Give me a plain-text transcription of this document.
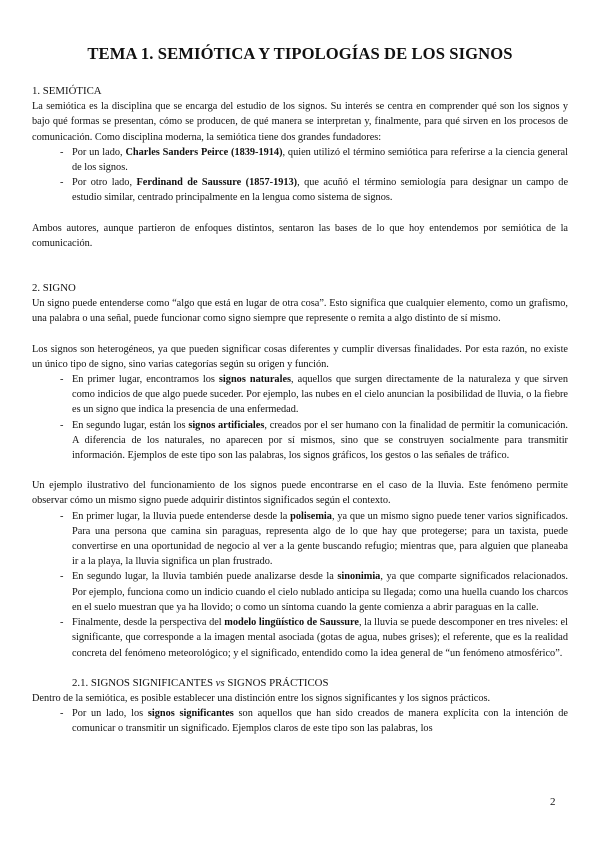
TEMA 1. SEMIÓTICA Y TIPOLOGÍAS DE LOS SIGNOS
1. SEMIÓTICA

La semiótica es la disciplina que se encarga del estudio de los signos. Su interés se centra en comprender qué son los signos y bajo qué formas se presentan, cómo se producen, de qué manera se interpretan y, finalmente, para qué sirven en los procesos de comunicación. Como disciplina moderna, la semiótica tiene dos grandes fundadores:

- Por un lado, Charles Sanders Peirce (1839-1914), quien utilizó el término semiótica para referirse a la ciencia general de los signos.
- Por otro lado, Ferdinand de Saussure (1857-1913), que acuñó el término semiología para designar un campo de estudio similar, centrado principalmente en la lengua como sistema de signos.

Ambos autores, aunque partieron de enfoques distintos, sentaron las bases de lo que hoy entendemos por semiótica de la comunicación.

2. SIGNO

Un signo puede entenderse como “algo que está en lugar de otra cosa”. Esto significa que cualquier elemento, como un grafismo, una palabra o una señal, puede funcionar como signo siempre que represente o remita a algo distinto de sí mismo.

Los signos son heterogéneos, ya que pueden significar cosas diferentes y cumplir diversas finalidades. Por esta razón, no existe un único tipo de signo, sino varias categorías según su origen y función.

- En primer lugar, encontramos los signos naturales, aquellos que surgen directamente de la naturaleza y que sirven como indicios de que algo puede suceder. Por ejemplo, las nubes en el cielo anuncian la posibilidad de lluvia, o la fiebre es un signo que indica la presencia de una enfermedad.
- En segundo lugar, están los signos artificiales, creados por el ser humano con la finalidad de permitir la comunicación. A diferencia de los naturales, no aparecen por sí mismos, sino que se construyen socialmente para transmitir información. Ejemplos de este tipo son las palabras, los signos gráficos, los gestos o las señales de tráfico.

Un ejemplo ilustrativo del funcionamiento de los signos puede encontrarse en el caso de la lluvia. Este fenómeno permite observar cómo un mismo signo puede adquirir distintos significados según el contexto.

- En primer lugar, la lluvia puede entenderse desde la polisemia, ya que un mismo signo puede tener varios significados. Para una persona que camina sin paraguas, representa algo de lo que hay que protegerse; para un taxista, puede convertirse en una oportunidad de negocio al ver a la gente buscando refugio; mientras que, para alguien que planeaba ir a la playa, la lluvia significa un plan frustrado.
- En segundo lugar, la lluvia también puede analizarse desde la sinonimia, ya que comparte significados relacionados. Por ejemplo, funciona como un indicio cuando el cielo nublado anticipa su llegada; como una huella cuando los charcos en el suelo muestran que ya ha llovido; o como un síntoma cuando la gente comienza a abrir paraguas en la calle.
- Finalmente, desde la perspectiva del modelo lingüístico de Saussure, la lluvia se puede descomponer en tres niveles: el significante, que corresponde a la imagen mental asociada (gotas de agua, nubes grises); el referente, que es la realidad concreta del fenómeno meteorológico; y el significado, entendido como la idea general de “un fenómeno atmosférico”.
2.1. SIGNOS SIGNIFICANTES vs SIGNOS PRÁCTICOS

Dentro de la semiótica, es posible establecer una distinción entre los signos significantes y los signos prácticos.

- Por un lado, los signos significantes son aquellos que han sido creados de manera explícita con la intención de comunicar o transmitir un significado. Ejemplos claros de este tipo son las palabras, los
2
